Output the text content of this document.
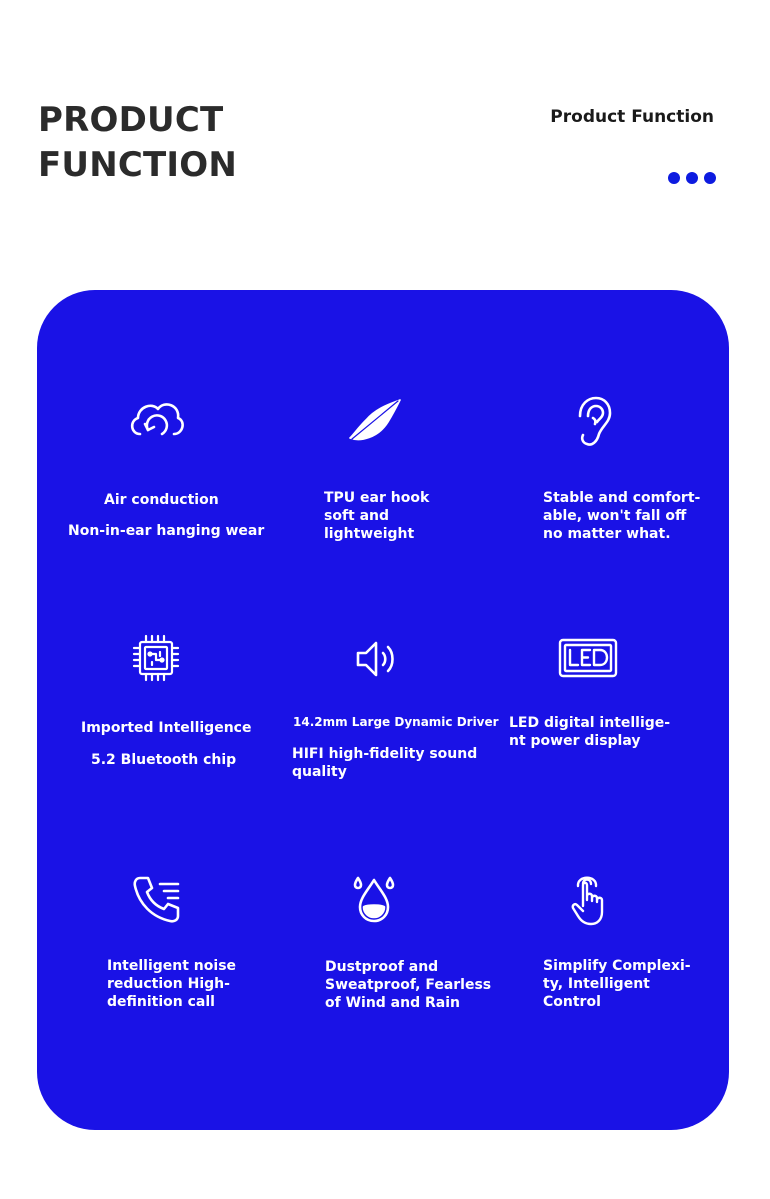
PRODUCT
FUNCTION
Product Function
Air conduction
Non-in-ear hanging wear
TPU ear hook
soft and
lightweight
Stable and comfort-
able, won't fall off
no matter what.
Imported Intelligence
5.2 Bluetooth chip
14.2mm Large Dynamic Driver
HIFI high-fidelity sound
quality
LED digital intellige-
nt power display
Intelligent noise
reduction High-
definition call
Dustproof and
Sweatproof, Fearless
of Wind and Rain
Simplify Complexi-
ty, Intelligent
Control
